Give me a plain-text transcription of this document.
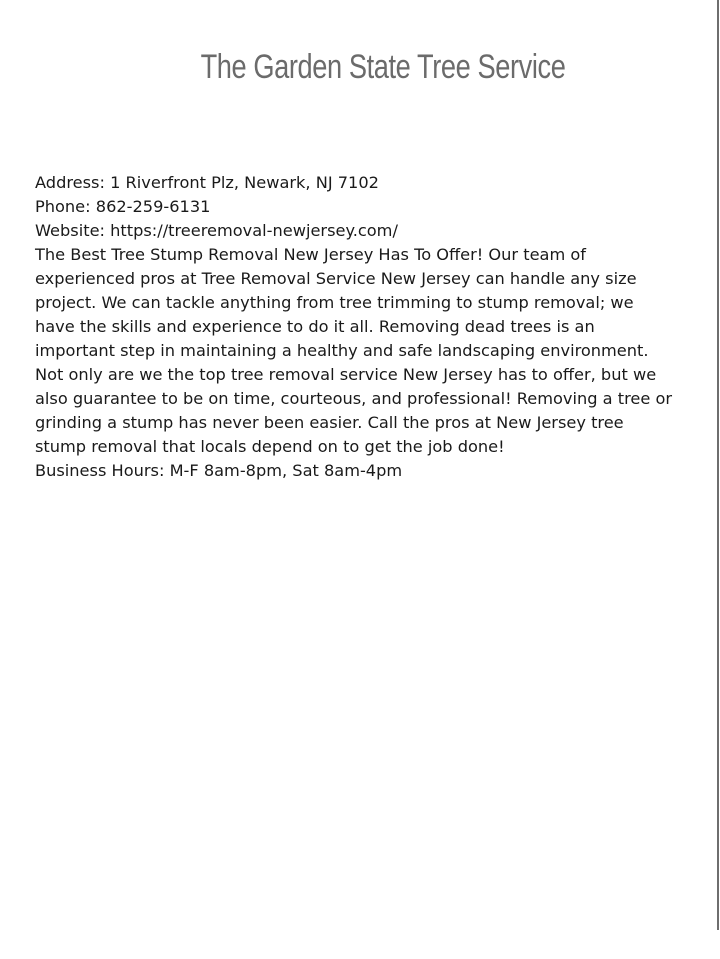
The Garden State Tree Service
Address: 1 Riverfront Plz, Newark, NJ 7102
Phone: 862-259-6131
Website: https://treeremoval-newjersey.com/
The Best Tree Stump Removal New Jersey Has To Offer! Our team of
experienced pros at Tree Removal Service New Jersey can handle any size
project. We can tackle anything from tree trimming to stump removal; we
have the skills and experience to do it all. Removing dead trees is an
important step in maintaining a healthy and safe landscaping environment.
Not only are we the top tree removal service New Jersey has to offer, but we
also guarantee to be on time, courteous, and professional! Removing a tree or
grinding a stump has never been easier. Call the pros at New Jersey tree
stump removal that locals depend on to get the job done!
Business Hours: M-F 8am-8pm, Sat 8am-4pm
